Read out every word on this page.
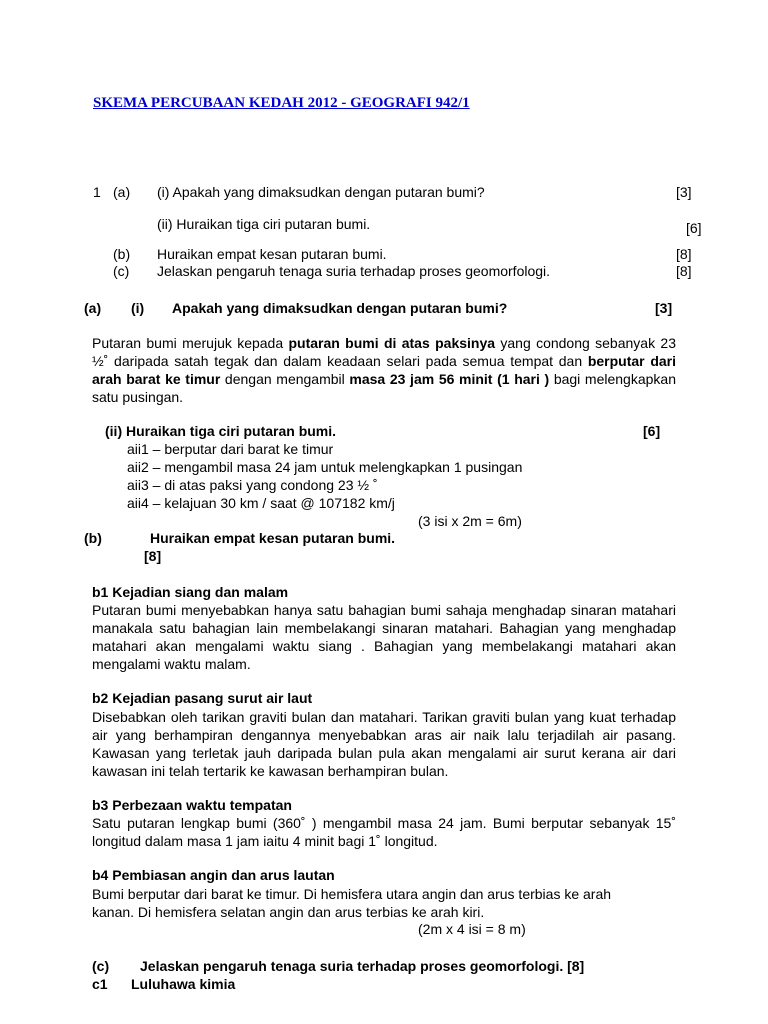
SKEMA PERCUBAAN KEDAH 2012 - GEOGRAFI 942/1
1 (a) (i) Apakah yang dimaksudkan dengan putaran bumi?	[3]
(ii) Huraikan tiga ciri putaran bumi.	[6]
(b) Huraikan empat kesan putaran bumi.	[8]
(c) Jelaskan pengaruh tenaga suria terhadap proses geomorfologi.	[8]
(a) (i) Apakah yang dimaksudkan dengan putaran bumi?	[3]
Putaran bumi merujuk kepada putaran bumi di atas paksinya yang condong sebanyak 23 ½˚ daripada satah tegak dan dalam keadaan selari pada semua tempat dan berputar dari arah barat ke timur dengan mengambil masa 23 jam 56 minit (1 hari ) bagi melengkapkan satu pusingan.
(ii) Huraikan tiga ciri putaran bumi.	[6]
aii1 – berputar dari barat ke timur
aii2 – mengambil masa 24 jam untuk melengkapkan 1 pusingan
aii3 – di atas paksi yang condong 23 ½ ˚
aii4 – kelajuan 30 km / saat @ 107182 km/j
(3 isi x 2m = 6m)
(b)	Huraikan empat kesan putaran bumi.
[8]
b1 Kejadian siang dan malam
Putaran bumi menyebabkan hanya satu bahagian bumi sahaja menghadap sinaran matahari manakala satu bahagian lain membelakangi sinaran matahari. Bahagian yang menghadap matahari akan mengalami waktu siang . Bahagian yang membelakangi matahari akan mengalami waktu malam.
b2 Kejadian pasang surut air laut
Disebabkan oleh tarikan graviti bulan dan matahari. Tarikan graviti bulan yang kuat terhadap air yang berhampiran dengannya menyebabkan aras air naik lalu terjadilah air pasang. Kawasan yang terletak jauh daripada bulan pula akan mengalami air surut kerana air dari kawasan ini telah tertarik ke kawasan berhampiran bulan.
b3 Perbezaan waktu tempatan
Satu putaran lengkap bumi (360˚ ) mengambil masa 24 jam. Bumi berputar sebanyak 15˚ longitud dalam masa 1 jam iaitu 4 minit bagi 1˚ longitud.
b4 Pembiasan angin dan arus lautan
Bumi berputar dari barat ke timur. Di hemisfera utara angin dan arus terbias ke arah
kanan. Di hemisfera selatan angin dan arus terbias ke arah kiri.
(2m x 4 isi = 8 m)
(c) Jelaskan pengaruh tenaga suria terhadap proses geomorfologi. [8]
c1 Luluhawa kimia
